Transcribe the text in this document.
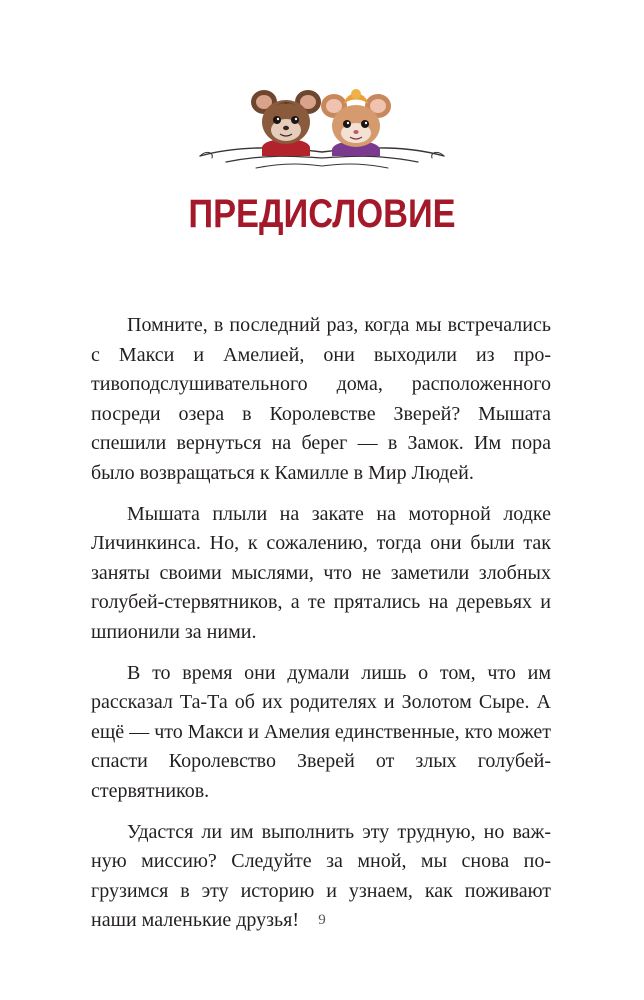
ПРЕДИСЛОВИЕ

Помните, в последний раз, когда мы встречались с Макси и Амелией, они выходили из противоподслушивательного дома, расположенного посреди озера в Королевстве Зверей? Мышата спешили вернуться на берег — в Замок. Им пора было возвращаться к Камилле в Мир Людей.

Мышата плыли на закате на моторной лодке Личинкинса. Но, к сожалению, тогда они были так заняты своими мыслями, что не заметили злобных голубей-стервятников, а те прятались на деревьях и шпионили за ними.

В то время они думали лишь о том, что им рассказал Та-Та об их родителях и Золотом Сыре. А ещё — что Макси и Амелия единственные, кто может спасти Королевство Зверей от злых голубей-стервятников.

Удастся ли им выполнить эту трудную, но важную миссию? Следуйте за мной, мы снова погрузимся в эту историю и узнаем, как поживают наши маленькие друзья!	9
